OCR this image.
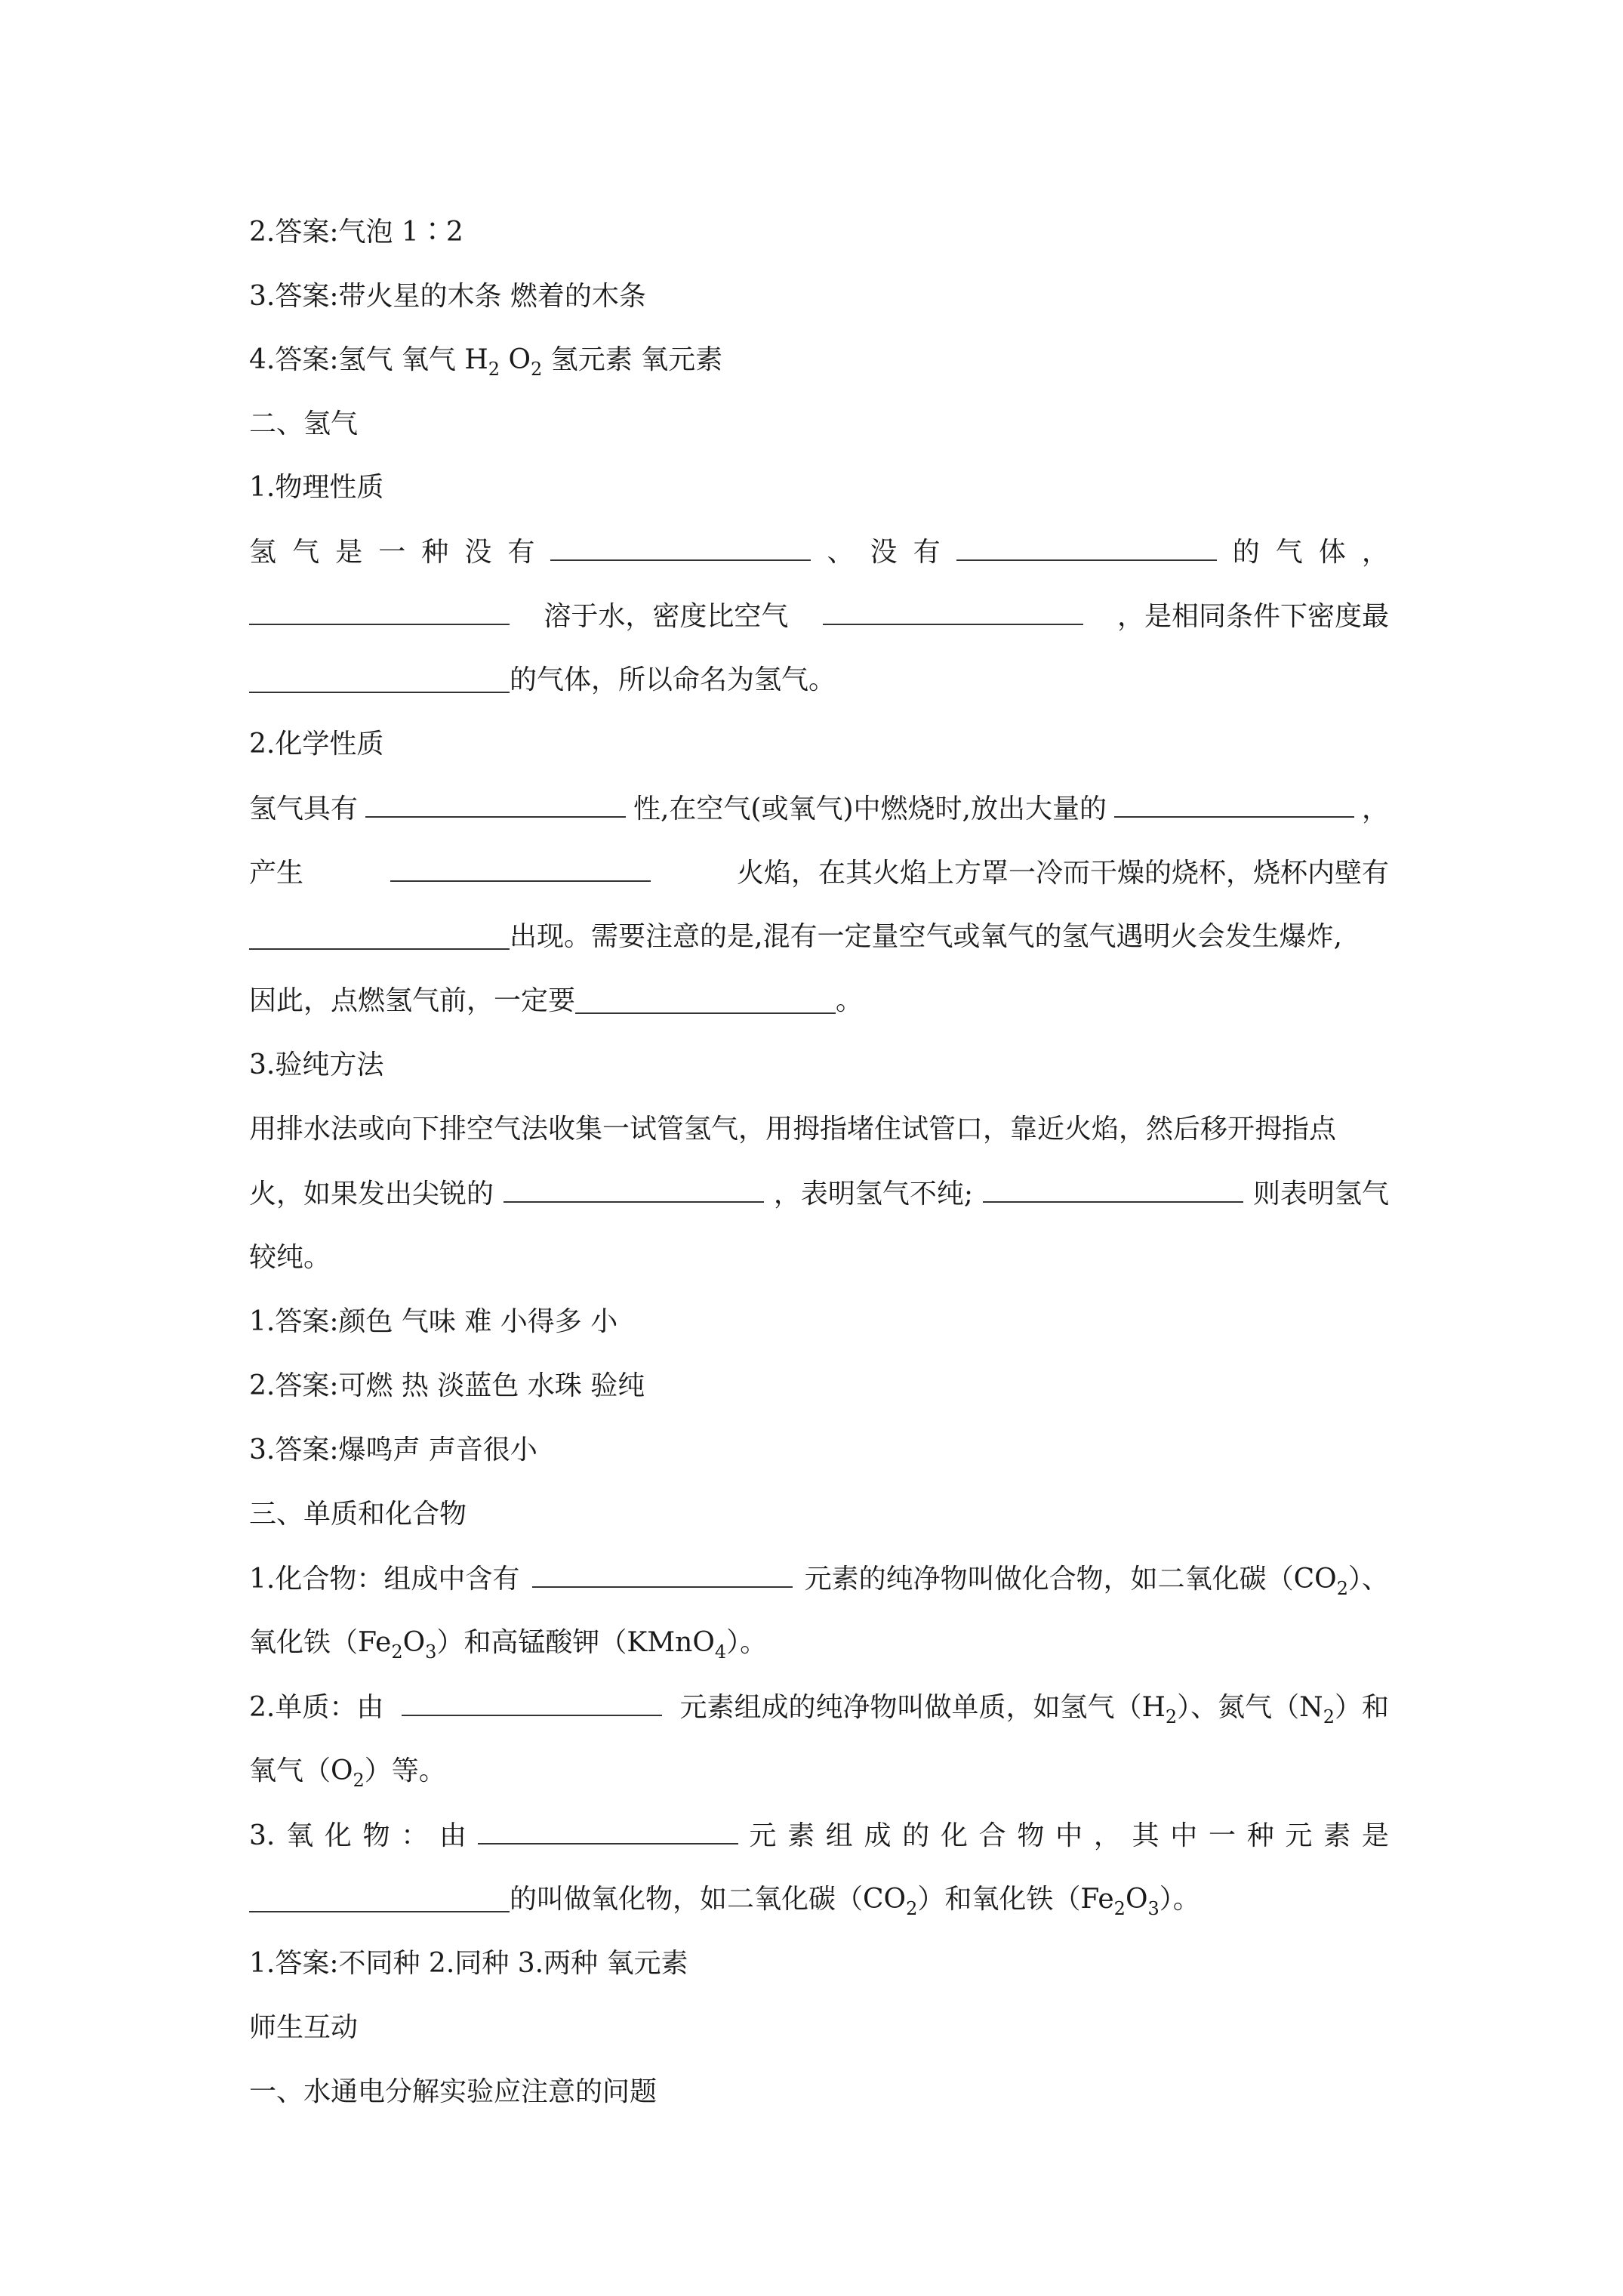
2.答案:气泡 1∶2
3.答案:带火星的木条 燃着的木条
4.答案:氢气 氧气 $H_2$ $O_2$ 氢元素 氧元素
二、氢气
1.物理性质
氢 气 是 一 种 没 有	、 没 有	的 气 体 ，
溶于水，密度比空气	，是相同条件下密度最
的气体，所以命名为氢气。
2.化学性质
氢气具有	性,在空气(或氧气)中燃烧时,放出大量的	，
产生	火焰，在其火焰上方罩一冷而干燥的烧杯，烧杯内壁有
出现。需要注意的是,混有一定量空气或氧气的氢气遇明火会发生爆炸,
因此，点燃氢气前，一定要	。
3.验纯方法
用排水法或向下排空气法收集一试管氢气，用拇指堵住试管口，靠近火焰，然后移开拇指点
火，如果发出尖锐的	，表明氢气不纯;	则表明氢气
较纯。
1.答案:颜色 气味 难 小得多 小
2.答案:可燃 热 淡蓝色 水珠 验纯
3.答案:爆鸣声 声音很小
三、单质和化合物
1.化合物：组成中含有	元素的纯净物叫做化合物，如二氧化碳$(CO_2)$、
氧化铁$(Fe_2O_3)$和高锰酸钾（KMnO$_4$）。
2.单质：由	元素组成的纯净物叫做单质，如氢气$(H_2)$、氮气$(N_2)$和
氧气$(O_2)$等。
3. 氧 化 物 ： 由	元 素 组 成 的 化 合 物 中 ， 其 中 一 种 元 素 是
的叫做氧化物，如二氧化碳$(CO_2)$和氧化铁$(Fe_2O_3)$。
1.答案:不同种 2.同种 3.两种 氧元素
师生互动
一、水通电分解实验应注意的问题
